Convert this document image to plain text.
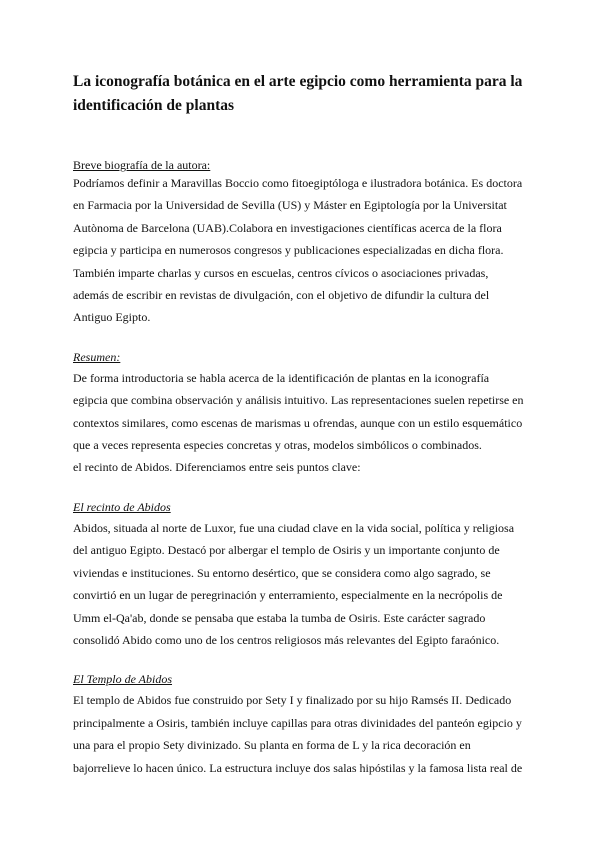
La iconografía botánica en el arte egipcio como herramienta para la
identificación de plantas
Breve biografía de la autora:

Podríamos definir a Maravillas Boccio como fitoegiptóloga e ilustradora botánica. Es doctora
en Farmacia por la Universidad de Sevilla (US) y Máster en Egiptología por la Universitat
Autònoma de Barcelona (UAB).Colabora en investigaciones científicas acerca de la flora
egipcia y participa en numerosos congresos y publicaciones especializadas en dicha flora.
También imparte charlas y cursos en escuelas, centros cívicos o asociaciones privadas,
además de escribir en revistas de divulgación, con el objetivo de difundir la cultura del
Antiguo Egipto.

Resumen:

De forma introductoria se habla acerca de la identificación de plantas en la iconografía
egipcia que combina observación y análisis intuitivo. Las representaciones suelen repetirse en
contextos similares, como escenas de marismas u ofrendas, aunque con un estilo esquemático
que a veces representa especies concretas y otras, modelos simbólicos o combinados.
el recinto de Abidos. Diferenciamos entre seis puntos clave:

El recinto de Abidos

Abidos, situada al norte de Luxor, fue una ciudad clave en la vida social, política y religiosa
del antiguo Egipto. Destacó por albergar el templo de Osiris y un importante conjunto de
viviendas e instituciones. Su entorno desértico, que se considera como algo sagrado, se
convirtió en un lugar de peregrinación y enterramiento, especialmente en la necrópolis de
Umm el-Qa'ab, donde se pensaba que estaba la tumba de Osiris. Este carácter sagrado
consolidó Abido como uno de los centros religiosos más relevantes del Egipto faraónico.

El Templo de Abidos

El templo de Abidos fue construido por Sety I y finalizado por su hijo Ramsés II. Dedicado
principalmente a Osiris, también incluye capillas para otras divinidades del panteón egipcio y
una para el propio Sety divinizado. Su planta en forma de L y la rica decoración en
bajorrelieve lo hacen único. La estructura incluye dos salas hipóstilas y la famosa lista real de
